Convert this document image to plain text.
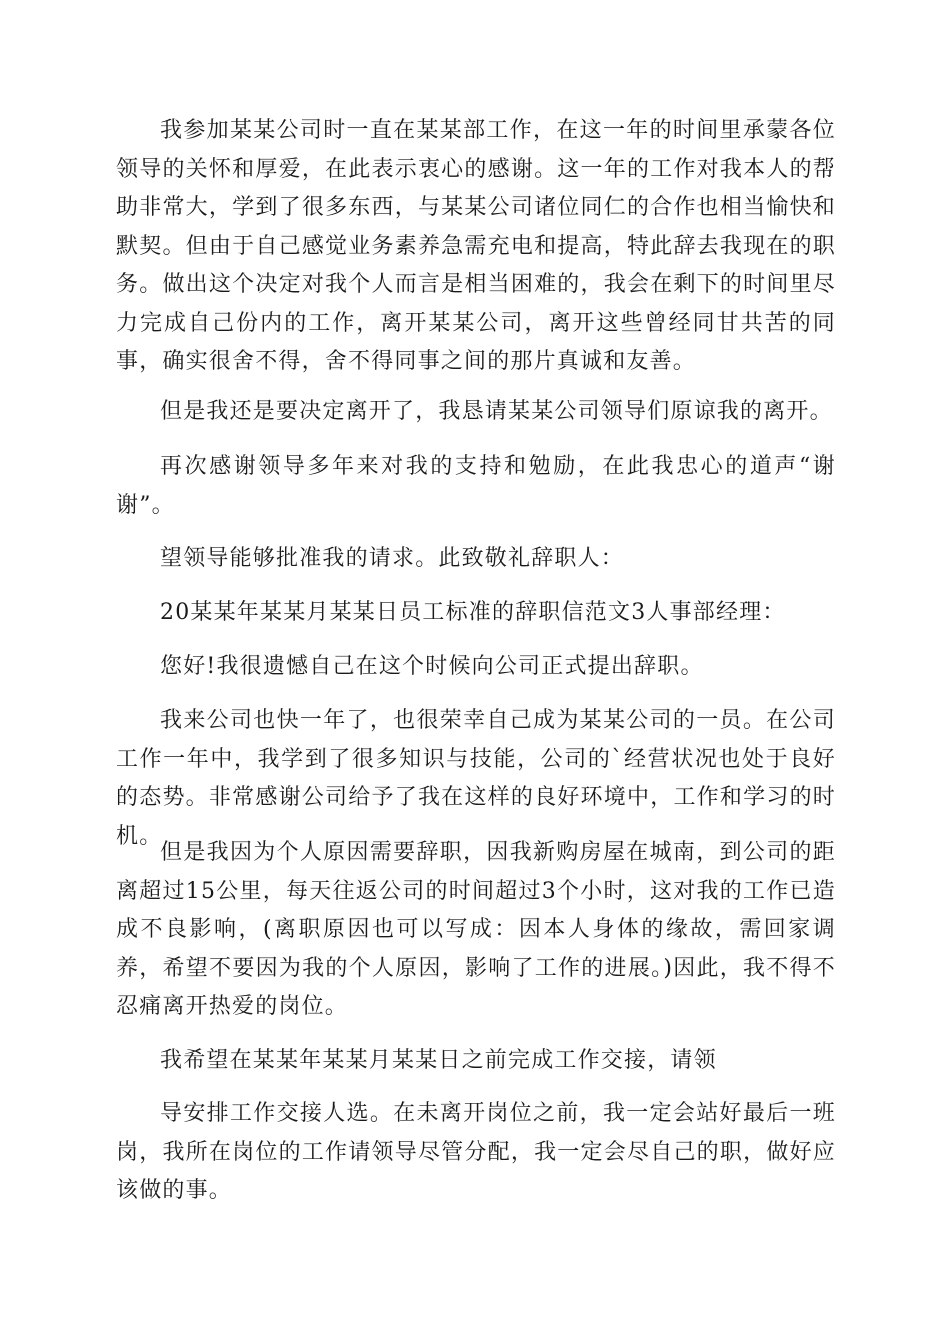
我参加某某公司时一直在某某部工作，在这一年的时间里承蒙各位领导的关怀和厚爱，在此表示衷心的感谢。这一年的工作对我本人的帮助非常大，学到了很多东西，与某某公司诸位同仁的合作也相当愉快和默契。但由于自己感觉业务素养急需充电和提高，特此辞去我现在的职务。做出这个决定对我个人而言是相当困难的，我会在剩下的时间里尽力完成自己份内的工作，离开某某公司，离开这些曾经同甘共苦的同事，确实很舍不得，舍不得同事之间的那片真诚和友善。

但是我还是要决定离开了，我恳请某某公司领导们原谅我的离开。

再次感谢领导多年来对我的支持和勉励，在此我忠心的道声“谢谢”。

望领导能够批准我的请求。此致敬礼辞职人：

20某某年某某月某某日员工标准的辞职信范文3人事部经理：

您好!我很遗憾自己在这个时候向公司正式提出辞职。

我来公司也快一年了，也很荣幸自己成为某某公司的一员。在公司工作一年中，我学到了很多知识与技能，公司的`经营状况也处于良好的态势。非常感谢公司给予了我在这样的良好环境中，工作和学习的时机。

但是我因为个人原因需要辞职，因我新购房屋在城南，到公司的距离超过15公里，每天往返公司的时间超过3个小时，这对我的工作已造成不良影响，(离职原因也可以写成：因本人身体的缘故，需回家调养，希望不要因为我的个人原因，影响了工作的进展。)因此，我不得不忍痛离开热爱的岗位。

我希望在某某年某某月某某日之前完成工作交接，请领

导安排工作交接人选。在未离开岗位之前，我一定会站好最后一班岗，我所在岗位的工作请领导尽管分配，我一定会尽自己的职，做好应该做的事。
